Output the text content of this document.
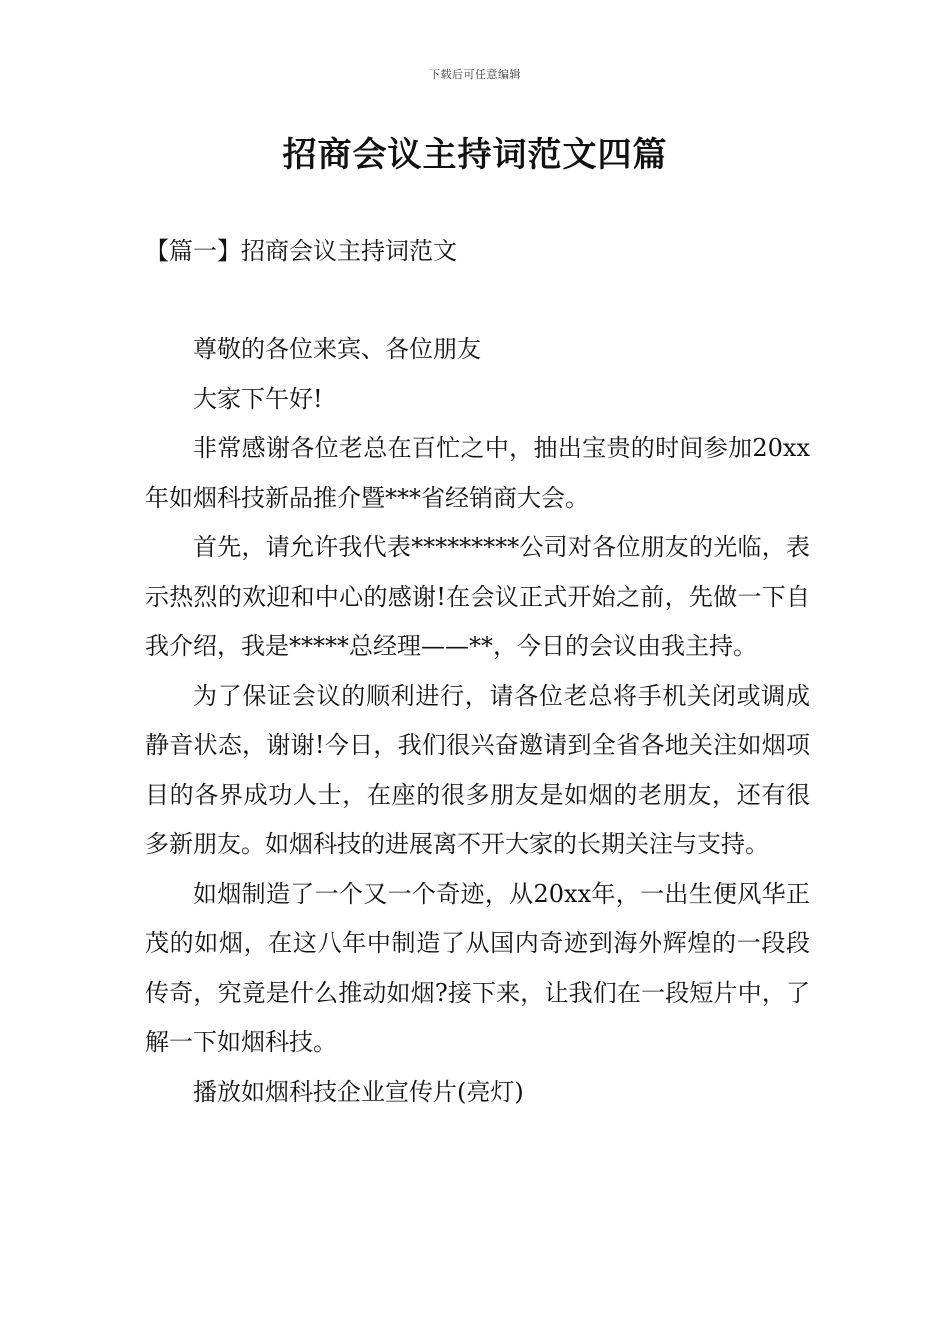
下载后可任意编辑
招商会议主持词范文四篇
【篇一】招商会议主持词范文

尊敬的各位来宾、各位朋友

大家下午好!

非常感谢各位老总在百忙之中，抽出宝贵的时间参加20xx年如烟科技新品推介暨***省经销商大会。

首先，请允许我代表*********公司对各位朋友的光临，表示热烈的欢迎和中心的感谢!在会议正式开始之前，先做一下自我介绍，我是*****总经理——**，今日的会议由我主持。

为了保证会议的顺利进行，请各位老总将手机关闭或调成静音状态，谢谢!今日，我们很兴奋邀请到全省各地关注如烟项目的各界成功人士，在座的很多朋友是如烟的老朋友，还有很多新朋友。如烟科技的进展离不开大家的长期关注与支持。

如烟制造了一个又一个奇迹，从20xx年，一出生便风华正茂的如烟，在这八年中制造了从国内奇迹到海外辉煌的一段段传奇，究竟是什么推动如烟?接下来，让我们在一段短片中，了解一下如烟科技。

播放如烟科技企业宣传片(亮灯)
